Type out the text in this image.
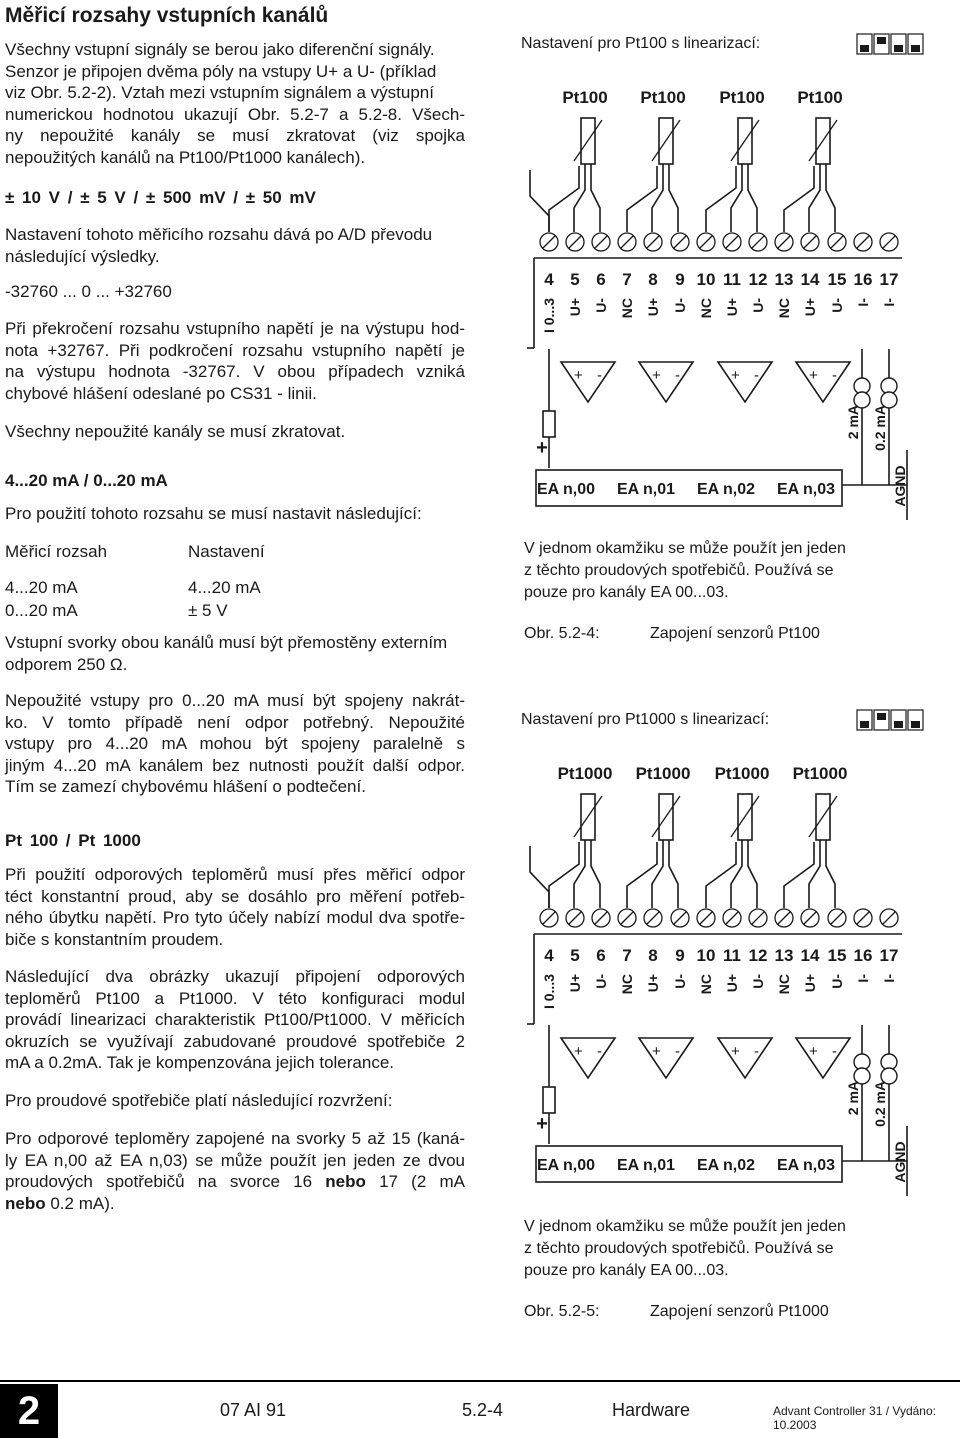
Měřicí rozsahy vstupních kanálů
Všechny vstupní signály se berou jako diferenční signály.
Senzor je připojen dvěma póly na vstupy U+ a U- (příklad
viz Obr. 5.2-2). Vztah mezi vstupním signálem a výstupní
numerickou hodnotou ukazují Obr. 5.2-7 a 5.2-8. Všech-
ny nepoužité kanály se musí zkratovat (viz spojka
nepoužitých kanálů na Pt100/Pt1000 kanálech).
± 10 V / ± 5 V / ± 500 mV / ± 50 mV
Nastavení tohoto měřicího rozsahu dává po A/D převodu
následující výsledky.
-32760 ... 0 ... +32760
Při překročení rozsahu vstupního napětí je na výstupu hod-
nota +32767. Při podkročení rozsahu vstupního napětí je
na výstupu hodnota -32767. V obou případech vzniká
chybové hlášení odeslané po CS31 - linii.
Všechny nepoužité kanály se musí zkratovat.
4...20 mA / 0...20 mA
Pro použití tohoto rozsahu se musí nastavit následující:
Měřicí rozsah	Nastavení
4...20 mA	4...20 mA
0...20 mA	± 5 V
Vstupní svorky obou kanálů musí být přemostěny externím
odporem 250 Ω.
Nepoužité vstupy pro 0...20 mA musí být spojeny nakrát-
ko. V tomto případě není odpor potřebný. Nepoužité
vstupy pro 4...20 mA mohou být spojeny paralelně s
jiným 4...20 mA kanálem bez nutnosti použít další odpor.
Tím se zamezí chybovému hlášení o podtečení.
Pt 100 / Pt 1000
Při použití odporových teploměrů musí přes měřicí odpor
téct konstantní proud, aby se dosáhlo pro měření potřeb-
ného úbytku napětí. Pro tyto účely nabízí modul dva spotře-
biče s konstantním proudem.
Následující dva obrázky ukazují připojení odporových
teploměrů Pt100 a Pt1000. V této konfiguraci modul
provádí linearizaci charakteristik Pt100/Pt1000. V měřicích
okruzích se využívají zabudované proudové spotřebiče 2
mA a 0.2mA. Tak je kompenzována jejich tolerance.
Pro proudové spotřebiče platí následující rozvržení:
Pro odporové teploměry zapojené na svorky 5 až 15 (kaná-
ly EA n,00 až EA n,03) se může použít jen jeden ze dvou
proudových spotřebičů na svorce 16 nebo 17 (2 mA
nebo 0.2 mA).
Nastavení pro Pt100 s linearizací:
4 5 6 7 8 9 10 11 12 13 14 15 16 17
I 0...3 U+ U- NC U+ U- NC U+ U- NC U+ U- I- I-
Pt100 Pt100 Pt100 Pt100
+ -	+ -	+ -	+ -
+
2 mA 0.2 mA
AGND
EA n,00 EA n,01 EA n,02 EA n,03
Nastavení pro Pt1000 s linearizací:
4 5 6 7 8 9 10 11 12 13 14 15 16 17
I 0...3 U+ U- NC U+ U- NC U+ U- NC U+ U- I- I-
Pt1000 Pt1000 Pt1000 Pt1000
+ -	+ -	+ -	+ -
+
2 mA 0.2 mA
AGND
EA n,00 EA n,01 EA n,02 EA n,03
V jednom okamžiku se může použít jen jeden
z těchto proudových spotřebičů. Používá se
pouze pro kanály EA 00...03.
Obr. 5.2-4:	Zapojení senzorů Pt100
V jednom okamžiku se může použít jen jeden
z těchto proudových spotřebičů. Používá se
pouze pro kanály EA 00...03.
Obr. 5.2-5:	Zapojení senzorů Pt1000
2	07 AI 91	5.2-4	Hardware	Advant Controller 31 / Vydáno: 10.2003
